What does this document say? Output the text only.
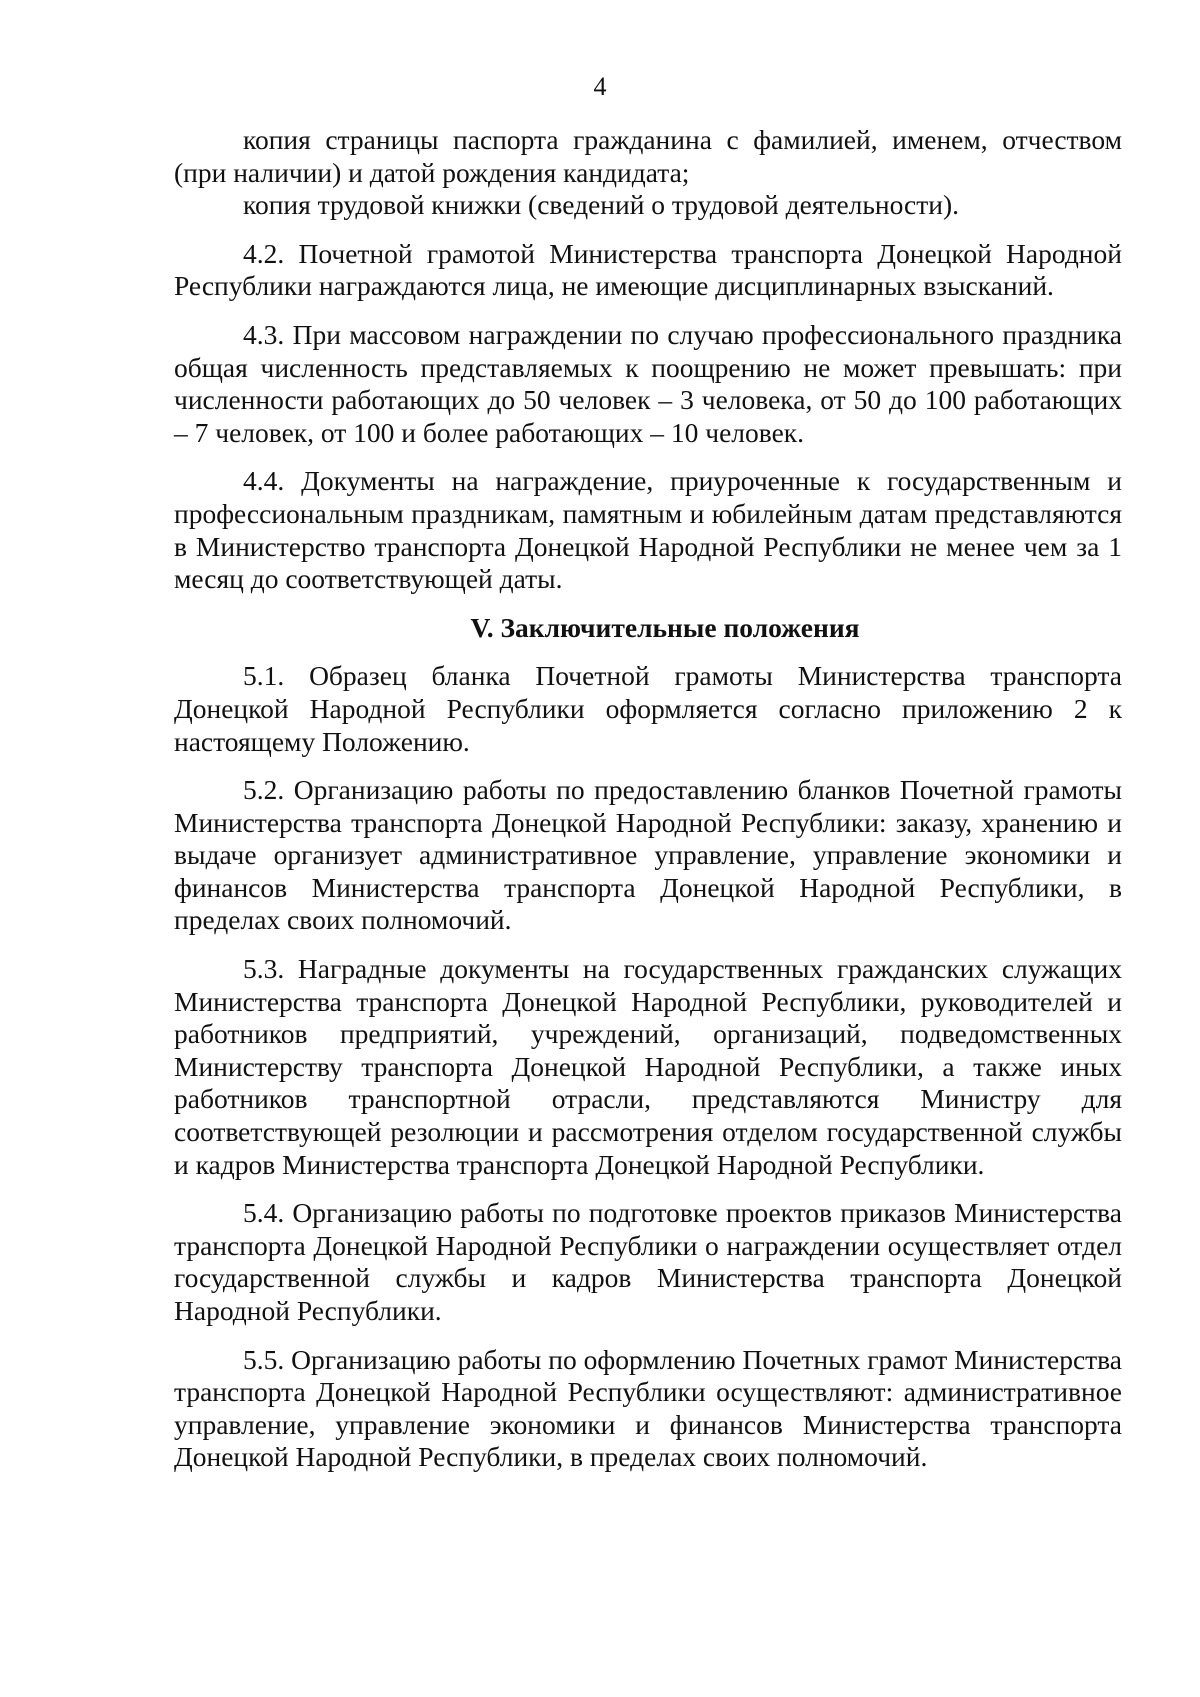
4

копия страницы паспорта гражданина с фамилией, именем, отчеством (при наличии) и датой рождения кандидата;

копия трудовой книжки (сведений о трудовой деятельности).

4.2. Почетной грамотой Министерства транспорта Донецкой Народной Республики награждаются лица, не имеющие дисциплинарных взысканий.

4.3. При массовом награждении по случаю профессионального праздника общая численность представляемых к поощрению не может превышать: при численности работающих до 50 человек – 3 человека, от 50 до 100 работающих – 7 человек, от 100 и более работающих – 10 человек.

4.4. Документы на награждение, приуроченные к государственным и профессиональным праздникам, памятным и юбилейным датам представляются в Министерство транспорта Донецкой Народной Республики не менее чем за 1 месяц до соответствующей даты.

V. Заключительные положения

5.1. Образец бланка Почетной грамоты Министерства транспорта Донецкой Народной Республики оформляется согласно приложению 2 к настоящему Положению.

5.2. Организацию работы по предоставлению бланков Почетной грамоты Министерства транспорта Донецкой Народной Республики: заказу, хранению и выдаче организует административное управление, управление экономики и финансов Министерства транспорта Донецкой Народной Республики, в пределах своих полномочий.

5.3. Наградные документы на государственных гражданских служащих Министерства транспорта Донецкой Народной Республики, руководителей и работников предприятий, учреждений, организаций, подведомственных Министерству транспорта Донецкой Народной Республики, а также иных работников транспортной отрасли, представляются Министру для соответствующей резолюции и рассмотрения отделом государственной службы и кадров Министерства транспорта Донецкой Народной Республики.

5.4. Организацию работы по подготовке проектов приказов Министерства транспорта Донецкой Народной Республики о награждении осуществляет отдел государственной службы и кадров Министерства транспорта Донецкой Народной Республики.

5.5. Организацию работы по оформлению Почетных грамот Министерства транспорта Донецкой Народной Республики осуществляют: административное управление, управление экономики и финансов Министерства транспорта Донецкой Народной Республики, в пределах своих полномочий.
